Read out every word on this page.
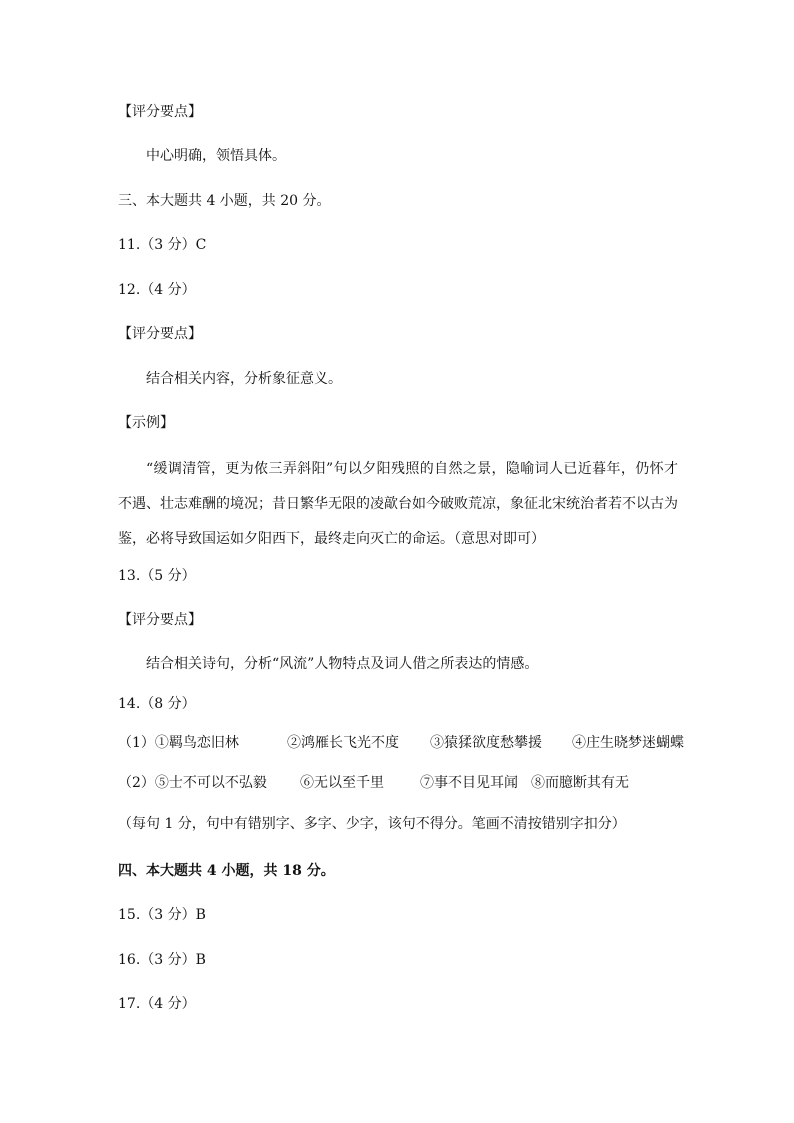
【评分要点】
中心明确，领悟具体。
三、本大题共 4 小题，共 20 分。
11.（3 分）C
12.（4 分）
【评分要点】
结合相关内容，分析象征意义。
【示例】
“缓调清管，更为侬三弄斜阳”句以夕阳残照的自然之景，隐喻词人已近暮年，仍怀才不遇、壮志难酬的境况；昔日繁华无限的凌歊台如今破败荒凉，象征北宋统治者若不以古为鉴，必将导致国运如夕阳西下，最终走向灭亡的命运。（意思对即可）
13.（5 分）
【评分要点】
结合相关诗句，分析“风流”人物特点及词人借之所表达的情感。
14.（8 分）
（1）①羁鸟恋旧林	②鸿雁长飞光不度 ③猿猱欲度愁攀援 ④庄生晓梦迷蝴蝶
（2）⑤士不可以不弘毅 ⑥无以至千里	⑦事不目见耳闻 ⑧而臆断其有无
（每句 1 分，句中有错别字、多字、少字，该句不得分。笔画不清按错别字扣分）
四、本大题共 4 小题，共 18 分。
15.（3 分）B
16.（3 分）B
17.（4 分）
